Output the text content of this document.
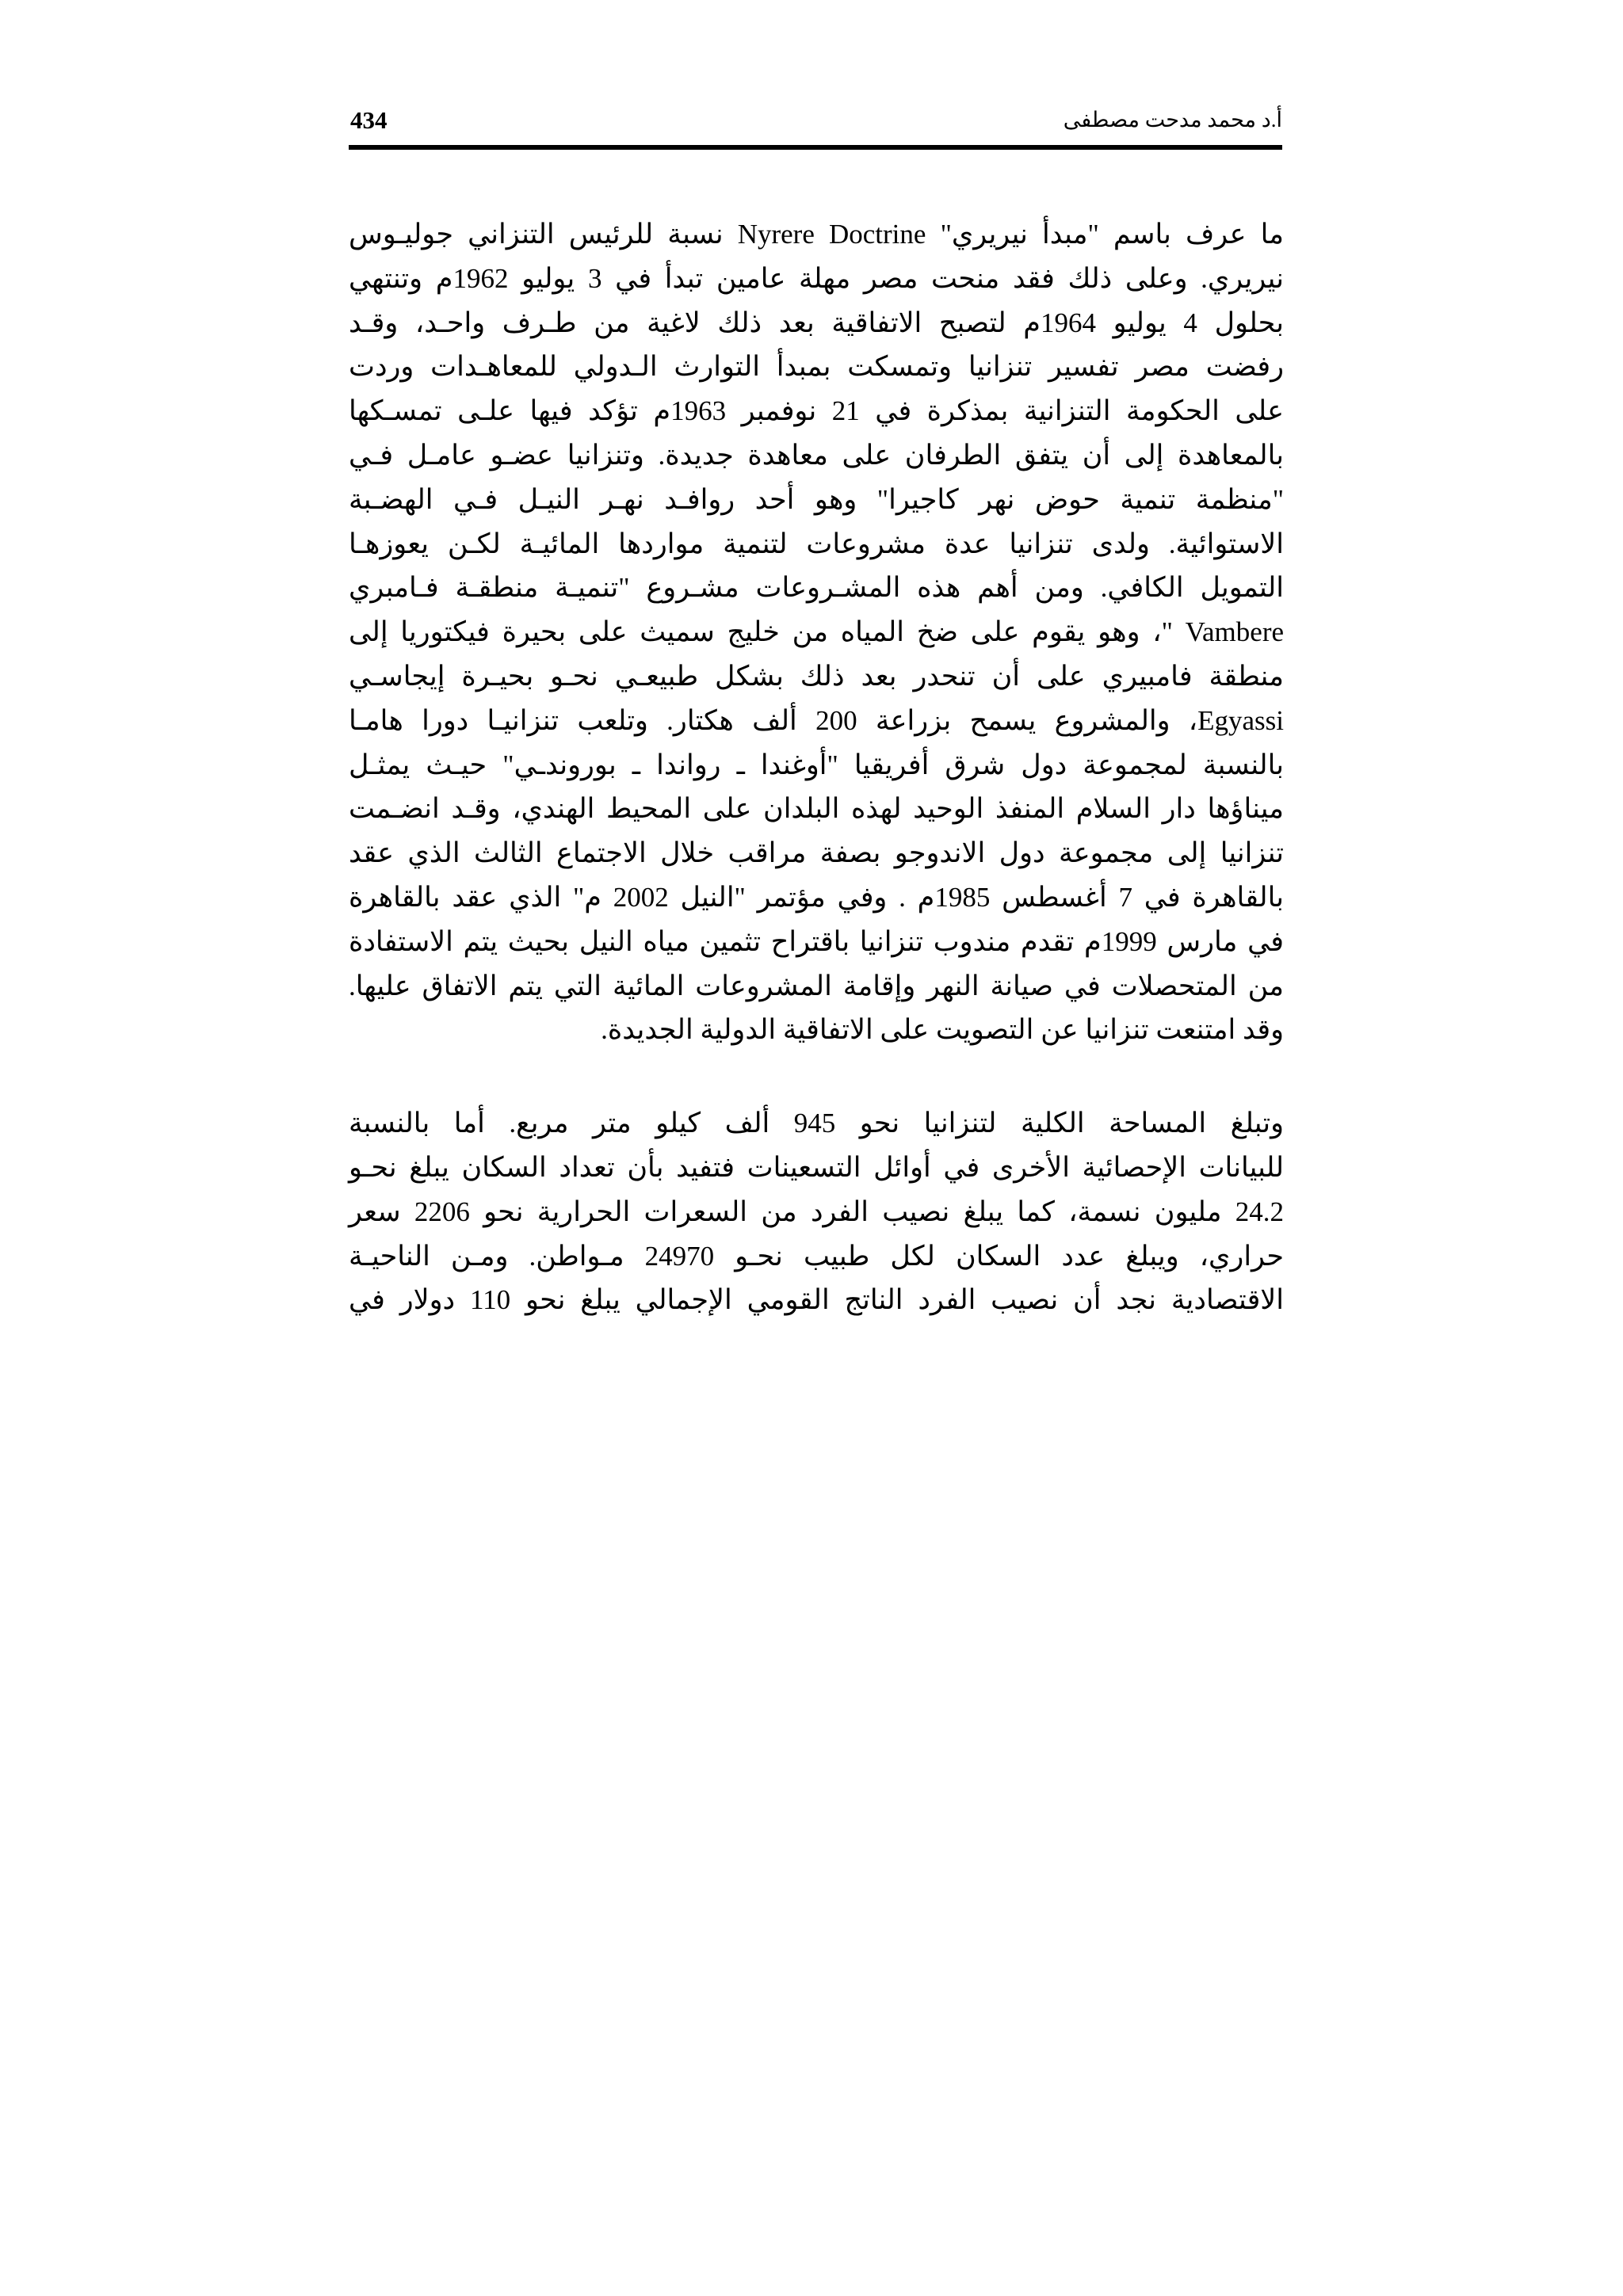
434	أ.د محمد مدحت مصطفى
ما عرف باسم "مبدأ نيريري" Nyrere Doctrine نسبة للرئيس التنزاني جوليـوس
نيريري. وعلى ذلك فقد منحت مصر مهلة عامين تبدأ في 3 يوليو 1962م وتنتهي
بحلول 4 يوليو 1964م لتصبح الاتفاقية بعد ذلك لاغية من طـرف واحـد، وقـد
رفضت مصر تفسير تنزانيا وتمسكت بمبدأ التوارث الـدولي للمعاهـدات وردت
على الحكومة التنزانية بمذكرة في 21 نوفمبر 1963م تؤكد فيها علـى تمسـكها
بالمعاهدة إلى أن يتفق الطرفان على معاهدة جديدة. وتنزانيا عضـو عامـل فـي
"منظمة تنمية حوض نهر كاجيرا" وهو أحد روافـد نهـر النيـل فـي الهضـبة
الاستوائية. ولدى تنزانيا عدة مشروعات لتنمية مواردها المائيـة لكـن يعوزهـا
التمويل الكافي. ومن أهم هذه المشـروعات مشـروع "تنميـة منطقـة فـامبري
Vambere "، وهو يقوم على ضخ المياه من خليج سميث على بحيرة فيكتوريا إلى
منطقة فامبيري على أن تنحدر بعد ذلك بشكل طبيعـي نحـو بحيـرة إيجاسـي
Egyassi، والمشروع يسمح بزراعة 200 ألف هكتار. وتلعب تنزانيـا دورا هامـا
بالنسبة لمجموعة دول شرق أفريقيا "أوغندا ـ رواندا ـ بوروندـي" حيـث يمثـل
ميناؤها دار السلام المنفذ الوحيد لهذه البلدان على المحيط الهندي، وقـد انضـمت
تنزانيا إلى مجموعة دول الاندوجو بصفة مراقب خلال الاجتماع الثالث الذي عقد
بالقاهرة في 7 أغسطس 1985م . وفي مؤتمر "النيل 2002 م" الذي عقد بالقاهرة
في مارس 1999م تقدم مندوب تنزانيا باقتراح تثمين مياه النيل بحيث يتم الاستفادة
من المتحصلات في صيانة النهر وإقامة المشروعات المائية التي يتم الاتفاق عليها.
وقد امتنعت تنزانيا عن التصويت على الاتفاقية الدولية الجديدة.
وتبلغ المساحة الكلية لتنزانيا نحو 945 ألف كيلو متر مربع. أما بالنسبة
للبيانات الإحصائية الأخرى في أوائل التسعينات فتفيد بأن تعداد السكان يبلغ نحـو
24.2 مليون نسمة، كما يبلغ نصيب الفرد من السعرات الحرارية نحو 2206 سعر
حراري، ويبلغ عدد السكان لكل طبيب نحـو 24970 مـواطن. ومـن الناحيـة
الاقتصادية نجد أن نصيب الفرد الناتج القومي الإجمالي يبلغ نحو 110 دولار في
